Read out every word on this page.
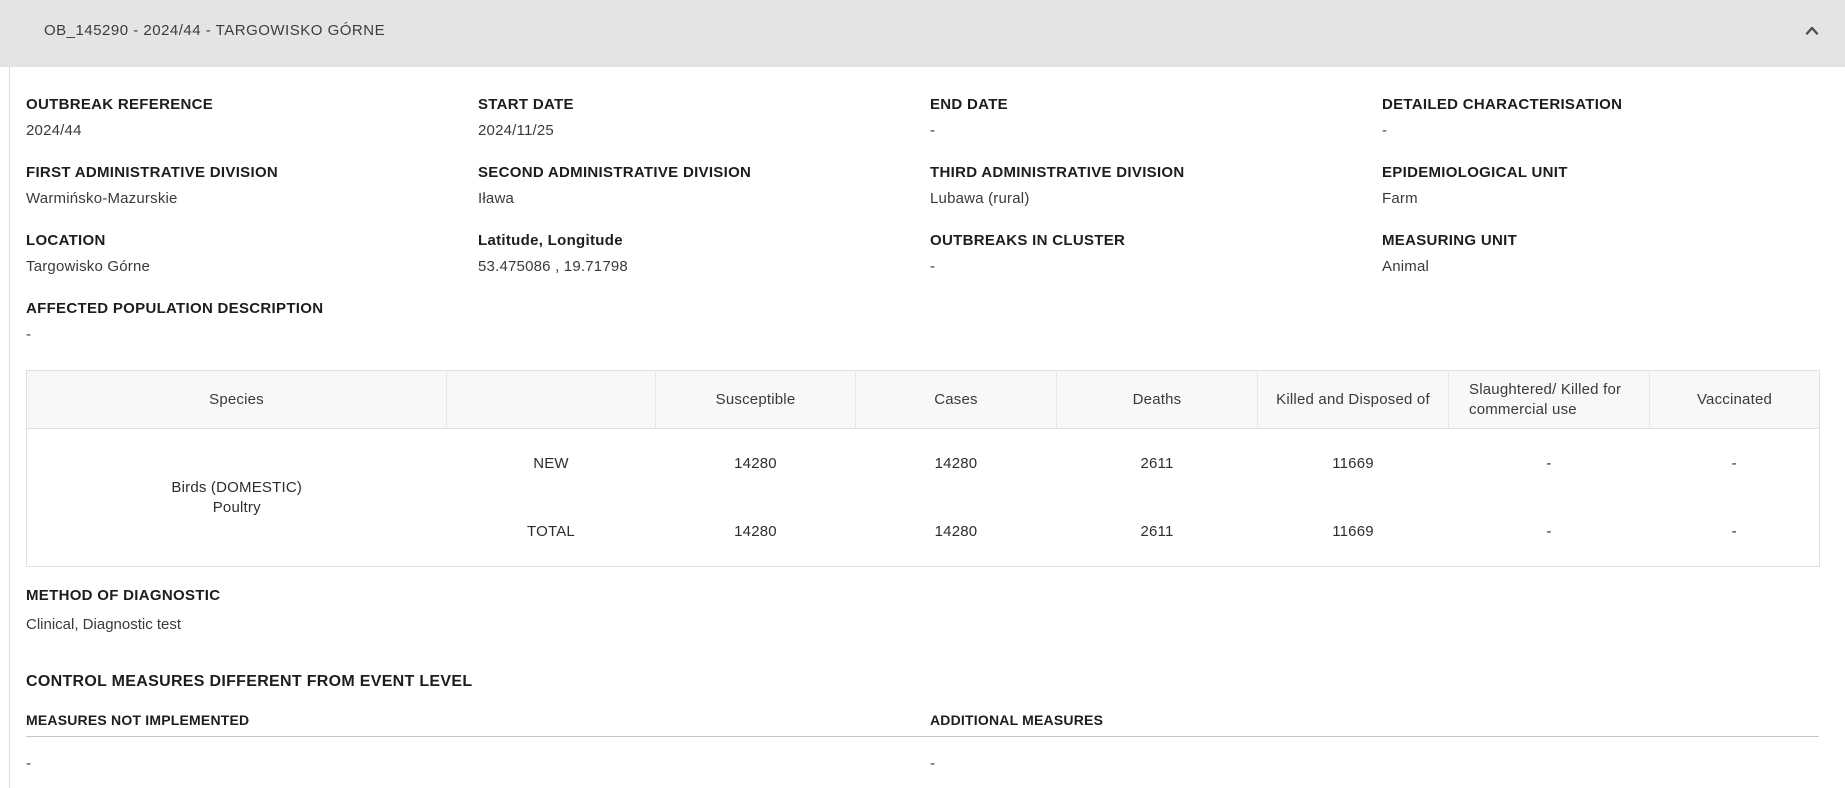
OB_145290 - 2024/44 - TARGOWISKO GÓRNE
OUTBREAK REFERENCE
2024/44
START DATE
2024/11/25
END DATE
-
DETAILED CHARACTERISATION
-
FIRST ADMINISTRATIVE DIVISION
Warmińsko-Mazurskie
SECOND ADMINISTRATIVE DIVISION
Iława
THIRD ADMINISTRATIVE DIVISION
Lubawa (rural)
EPIDEMIOLOGICAL UNIT
Farm
LOCATION
Targowisko Górne
Latitude, Longitude
53.475086 , 19.71798
OUTBREAKS IN CLUSTER
-
MEASURING UNIT
Animal
AFFECTED POPULATION DESCRIPTION
-
Species		Susceptible	Cases	Deaths	Killed and Disposed of	Slaughtered/ Killed for commercial use	Vaccinated

Birds (DOMESTIC)
Poultry	NEW	14280	14280	2611	11669	-	-
	TOTAL	14280	14280	2611	11669	-	-
METHOD OF DIAGNOSTIC
Clinical, Diagnostic test
CONTROL MEASURES DIFFERENT FROM EVENT LEVEL
MEASURES NOT IMPLEMENTED
-
ADDITIONAL MEASURES
-
